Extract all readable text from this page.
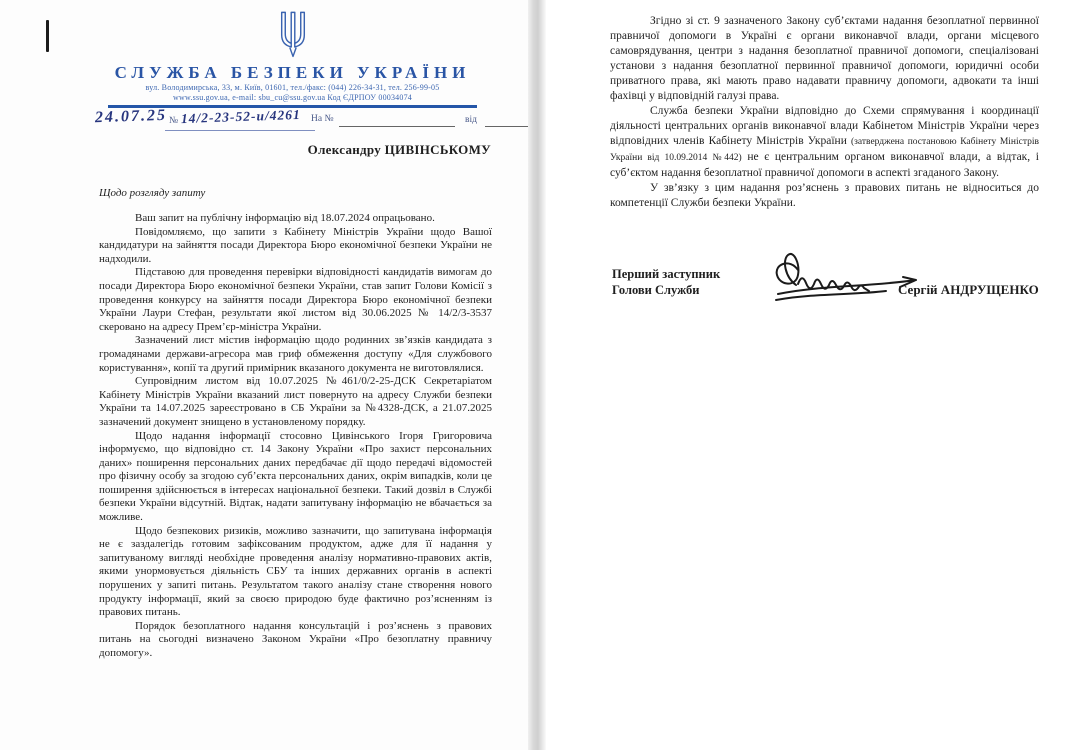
СЛУЖБА БЕЗПЕКИ УКРАЇНИ
вул. Володимирська, 33, м. Київ, 01601, тел./факс: (044) 226-34-31, тел. 256-99-05
www.ssu.gov.ua, e-mail: sbu_cu@ssu.gov.ua Код ЄДРПОУ 00034074
24.07.25 № 14/2-23-52-и/4261 На №	від
Олександру ЦИВІНСЬКОМУ
Щодо розгляду запиту

Ваш запит на публічну інформацію від 18.07.2024 опрацьовано.

Повідомляємо, що запити з Кабінету Міністрів України щодо Вашої кандидатури на зайняття посади Директора Бюро економічної безпеки України не надходили.

Підставою для проведення перевірки відповідності кандидатів вимогам до посади Директора Бюро економічної безпеки України, став запит Голови Комісії з проведення конкурсу на зайняття посади Директора Бюро економічної безпеки України Лаури Стефан, результати якої листом від 30.06.2025 № 14/2/3-3537 скеровано на адресу Прем’єр-міністра України.

Зазначений лист містив інформацію щодо родинних зв’язків кандидата з громадянами держави-агресора мав гриф обмеження доступу «Для службового користування», копії та другий примірник вказаного документа не виготовлялися.

Супровідним листом від 10.07.2025 №461/0/2-25-ДСК Секретаріатом Кабінету Міністрів України вказаний лист повернуто на адресу Служби безпеки України та 14.07.2025 зареєстровано в СБ України за №4328-ДСК, а 21.07.2025 зазначений документ знищено в установленому порядку.

Щодо надання інформації стосовно Цивінського Ігоря Григоровича інформуємо, що відповідно ст. 14 Закону України «Про захист персональних даних» поширення персональних даних передбачає дії щодо передачі відомостей про фізичну особу за згодою суб’єкта персональних даних, окрім випадків, коли це поширення здійснюється в інтересах національної безпеки. Такий дозвіл в Службі безпеки України відсутній. Відтак, надати запитувану інформацію не вбачається за можливе.

Щодо безпекових ризиків, можливо зазначити, що запитувана інформація не є заздалегідь готовим зафіксованим продуктом, адже для її надання у запитуваному вигляді необхідне проведення аналізу нормативно-правових актів, якими унормовується діяльність СБУ та інших державних органів в аспекті порушених у запиті питань. Результатом такого аналізу стане створення нового продукту інформації, який за своєю природою буде фактично роз’ясненням із правових питань.

Порядок безоплатного надання консультацій і роз’яснень з правових питань на сьогодні визначено Законом України «Про безоплатну правничу допомогу».

Згідно зі ст. 9 зазначеного Закону суб’єктами надання безоплатної первинної правничої допомоги в Україні є органи виконавчої влади, органи місцевого самоврядування, центри з надання безоплатної правничої допомоги, спеціалізовані установи з надання безоплатної первинної правничої допомоги, юридичні особи приватного права, які мають право надавати правничу допомоги, адвокати та інші фахівці у відповідній галузі права.

Служба безпеки України відповідно до Схеми спрямування і координації діяльності центральних органів виконавчої влади Кабінетом Міністрів України через відповідних членів Кабінету Міністрів України (затверджена постановою Кабінету Міністрів України від 10.09.2014 №442) не є центральним органом виконавчої влади, а відтак, і суб’єктом надання безоплатної правничої допомоги в аспекті згаданого Закону.

У зв’язку з цим надання роз’яснень з правових питань не відноситься до компетенції Служби безпеки України.

Перший заступник
Голови Служби	Сергій АНДРУЩЕНКО
